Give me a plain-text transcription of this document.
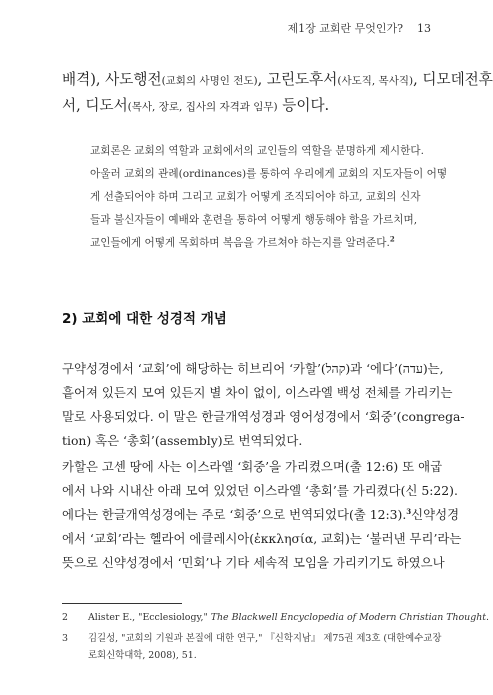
제1장 교회란 무엇인가? 13

배격), 사도행전(교회의 사명인 전도), 고린도후서(사도직, 목사직), 디모데전후

서, 디도서(목사, 장로, 집사의 자격과 임무) 등이다.

교회론은 교회의 역할과 교회에서의 교인들의 역할을 분명하게 제시한다.

아울러 교회의 관례(ordinances)를 통하여 우리에게 교회의 지도자들이 어떻

게 선출되어야 하며 그리고 교회가 어떻게 조직되어야 하고, 교회의 신자

들과 불신자들이 예배와 훈련을 통하여 어떻게 행동해야 함을 가르치며,

교인들에게 어떻게 목회하며 복음을 가르쳐야 하는지를 알려준다.$^2$

2) 교회에 대한 성경적 개념

구약성경에서 ‘교회’에 해당하는 히브리어 ‘카할’(קהל)과 ‘에다’(עדה)는,

흩어져 있든지 모여 있든지 별 차이 없이, 이스라엘 백성 전체를 가리키는

말로 사용되었다. 이 말은 한글개역성경과 영어성경에서 ‘회중’(congrega-

tion) 혹은 ‘총회’(assembly)로 번역되었다.

카할은 고센 땅에 사는 이스라엘 ‘회중’을 가리켰으며(출 12:6) 또 애굽

에서 나와 시내산 아래 모여 있었던 이스라엘 ‘총회’를 가리켰다(신 5:22).

에다는 한글개역성경에는 주로 ‘회중’으로 번역되었다(출 12:3).$^3$신약성경

에서 ‘교회’라는 헬라어 에클레시아(ἐκκλησία, 교회)는 ‘불러낸 무리’라는

뜻으로 신약성경에서 ‘민회’나 기타 세속적 모임을 가리키기도 하였으나

2 Alister E., "Ecclesiology," The Blackwell Encyclopedia of Modern Christian Thought.

3 김길성, "교회의 기원과 본질에 대한 연구," 『신학지남』 제75권 제3호 (대한예수교장

로회신학대학, 2008), 51.
